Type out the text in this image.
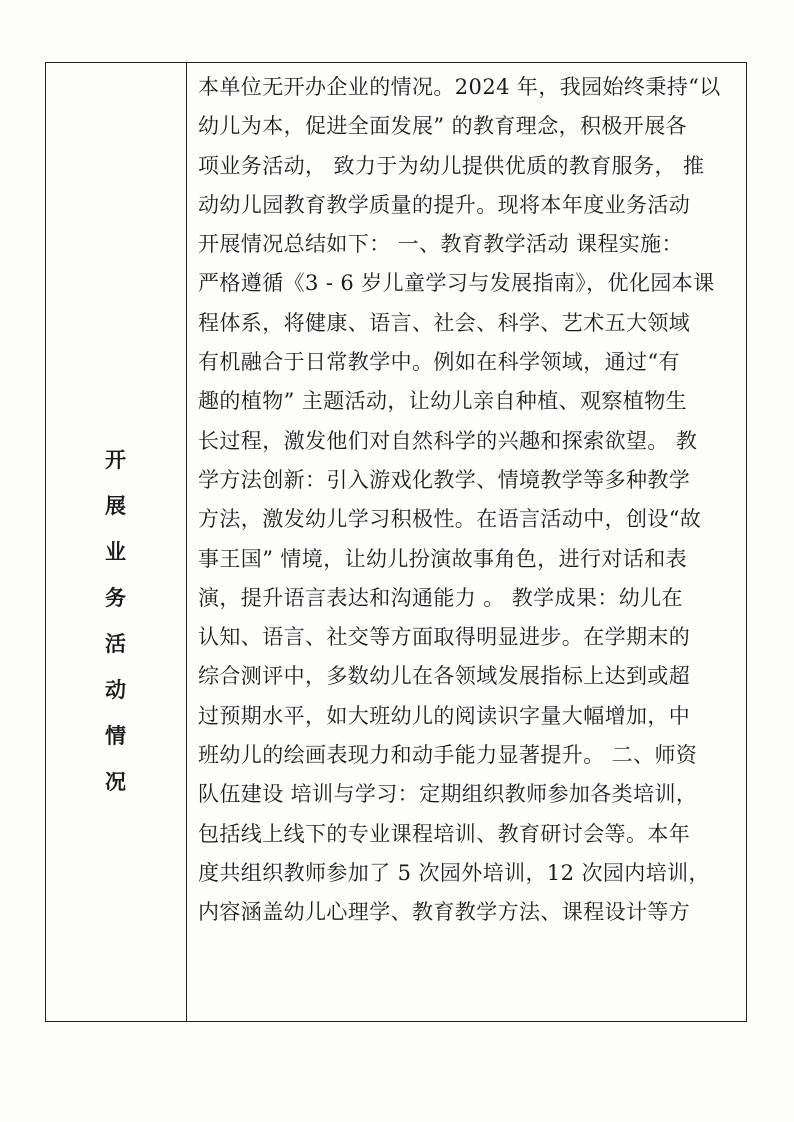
开
展
业
务
活
动
情
况
本单位无开办企业的情况。2024 年，我园始终秉持“以
幼儿为本，促进全面发展” 的教育理念，积极开展各
项业务活动， 致力于为幼儿提供优质的教育服务， 推
动幼儿园教育教学质量的提升。现将本年度业务活动
开展情况总结如下： 一、教育教学活动 课程实施：
严格遵循《3 - 6 岁儿童学习与发展指南》，优化园本课
程体系，将健康、语言、社会、科学、艺术五大领域
有机融合于日常教学中。例如在科学领域，通过“有
趣的植物” 主题活动，让幼儿亲自种植、观察植物生
长过程，激发他们对自然科学的兴趣和探索欲望。 教
学方法创新：引入游戏化教学、情境教学等多种教学
方法，激发幼儿学习积极性。在语言活动中，创设“故
事王国” 情境，让幼儿扮演故事角色，进行对话和表
演，提升语言表达和沟通能力 。 教学成果：幼儿在
认知、语言、社交等方面取得明显进步。在学期末的
综合测评中，多数幼儿在各领域发展指标上达到或超
过预期水平，如大班幼儿的阅读识字量大幅增加，中
班幼儿的绘画表现力和动手能力显著提升。 二、师资
队伍建设 培训与学习：定期组织教师参加各类培训，
包括线上线下的专业课程培训、教育研讨会等。本年
度共组织教师参加了 5 次园外培训，12 次园内培训，
内容涵盖幼儿心理学、教育教学方法、课程设计等方
